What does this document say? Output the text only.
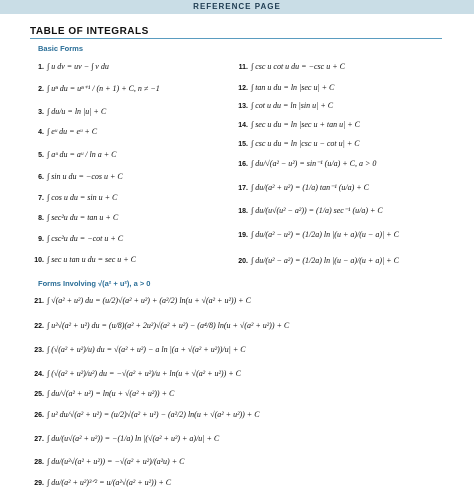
REFERENCE PAGE
TABLE OF INTEGRALS
Basic Forms
1. ∫ u dv = uv − ∫ v du
2. ∫ uⁿ du = uⁿ⁺¹ / (n + 1) + C, n ≠ −1
3. ∫ du/u = ln |u| + C
4. ∫ eᵘ du = eᵘ + C
5. ∫ aᵘ du = aᵘ / ln a + C
6. ∫ sin u du = −cos u + C
7. ∫ cos u du = sin u + C
8. ∫ sec²u du = tan u + C
9. ∫ csc²u du = −cot u + C
10. ∫ sec u tan u du = sec u + C
11. ∫ csc u cot u du = −csc u + C
12. ∫ tan u du = ln |sec u| + C
13. ∫ cot u du = ln |sin u| + C
14. ∫ sec u du = ln |sec u + tan u| + C
15. ∫ csc u du = ln |csc u − cot u| + C
16. ∫ du/√(a² − u²) = sin⁻¹ (u/a) + C, a > 0
17. ∫ du/(a² + u²) = (1/a) tan⁻¹ (u/a) + C
18. ∫ du/(u√(u² − a²)) = (1/a) sec⁻¹ (u/a) + C
19. ∫ du/(a² − u²) = (1/2a) ln |(u + a)/(u − a)| + C
20. ∫ du/(u² − a²) = (1/2a) ln |(u − a)/(u + a)| + C
Forms Involving √(a² + u²), a > 0
21. ∫ √(a² + u²) du = (u/2)√(a² + u²) + (a²/2) ln(u + √(a² + u²)) + C
22. ∫ u²√(a² + u²) du = (u/8)(a² + 2u²)√(a² + u²) − (a⁴/8) ln(u + √(a² + u²)) + C
23. ∫ (√(a² + u²)/u) du = √(a² + u²) − a ln |(a + √(a² + u²))/u| + C
24. ∫ (√(a² + u²)/u²) du = −√(a² + u²)/u + ln(u + √(a² + u²)) + C
25. ∫ du/√(a² + u²) = ln(u + √(a² + u²)) + C
26. ∫ u² du/√(a² + u²) = (u/2)√(a² + u²) − (a²/2) ln(u + √(a² + u²)) + C
27. ∫ du/(u√(a² + u²)) = −(1/a) ln |(√(a² + u²) + a)/u| + C
28. ∫ du/(u²√(a² + u²)) = −√(a² + u²)/(a²u) + C
29. ∫ du/(a² + u²)³ᐟ² = u/(a²√(a² + u²)) + C
